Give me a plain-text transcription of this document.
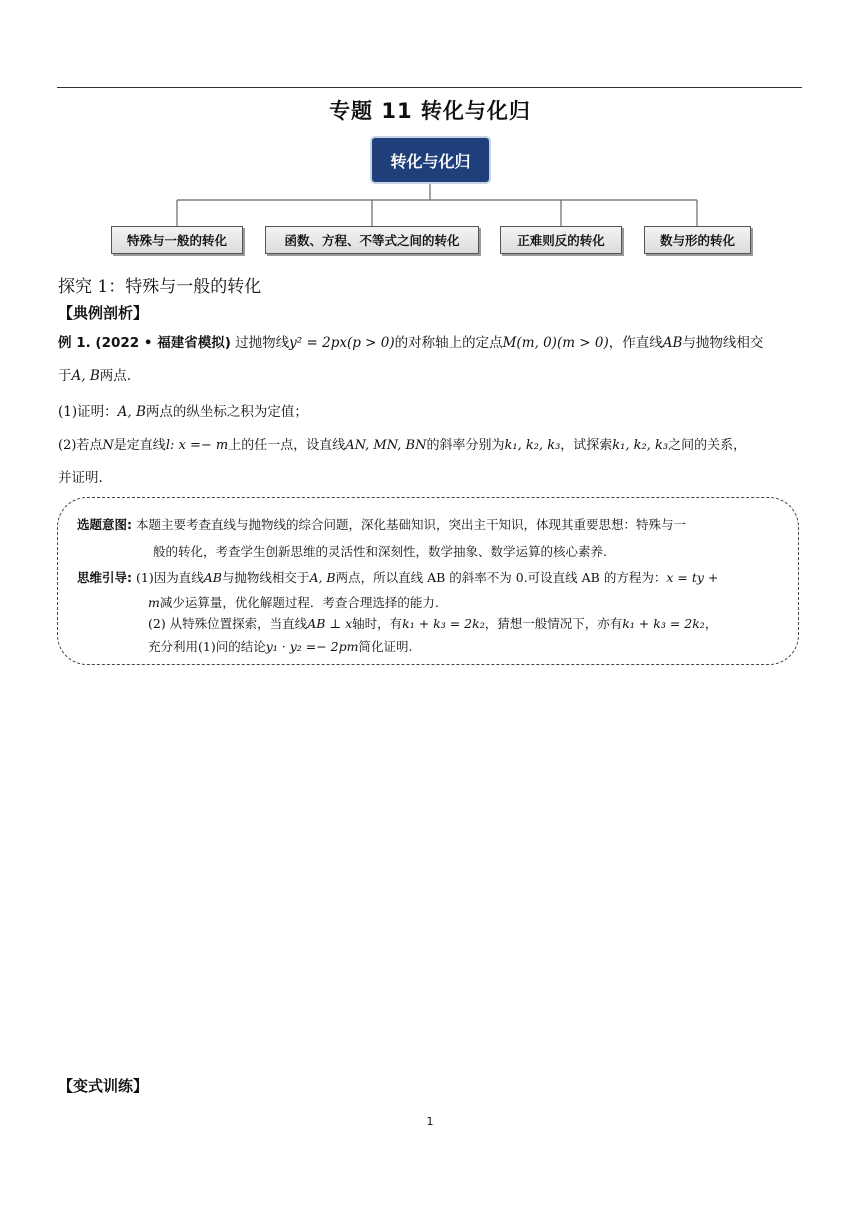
专题 11 转化与化归
转化与化归
特殊与一般的转化	函数、方程、不等式之间的转化	正难则反的转化	数与形的转化
探究 1：特殊与一般的转化
【典例剖析】
例 1. (2022 • 福建省模拟) 过抛物线y² = 2px(p > 0)的对称轴上的定点M(m, 0)(m > 0)，作直线AB与抛物线相交
于A, B两点.
(1)证明：A, B两点的纵坐标之积为定值；
(2)若点N是定直线l: x =− m上的任一点，设直线AN, MN, BN的斜率分别为k₁, k₂, k₃，试探索k₁, k₂, k₃之间的关系，
并证明.
选题意图: 本题主要考查直线与抛物线的综合问题，深化基础知识，突出主干知识，体现其重要思想：特殊与一
般的转化，考查学生创新思维的灵活性和深刻性，数学抽象、数学运算的核心素养.
思维引导: (1)因为直线AB与抛物线相交于A, B两点，所以直线 AB 的斜率不为 0.可设直线 AB 的方程为：x = ty +
m减少运算量，优化解题过程．考查合理选择的能力.
(2) 从特殊位置探索，当直线AB ⊥ x轴时，有k₁ + k₃ = 2k₂，猜想一般情况下，亦有k₁ + k₃ = 2k₂，
充分利用(1)问的结论y₁ · y₂ =− 2pm简化证明.
【变式训练】
1
